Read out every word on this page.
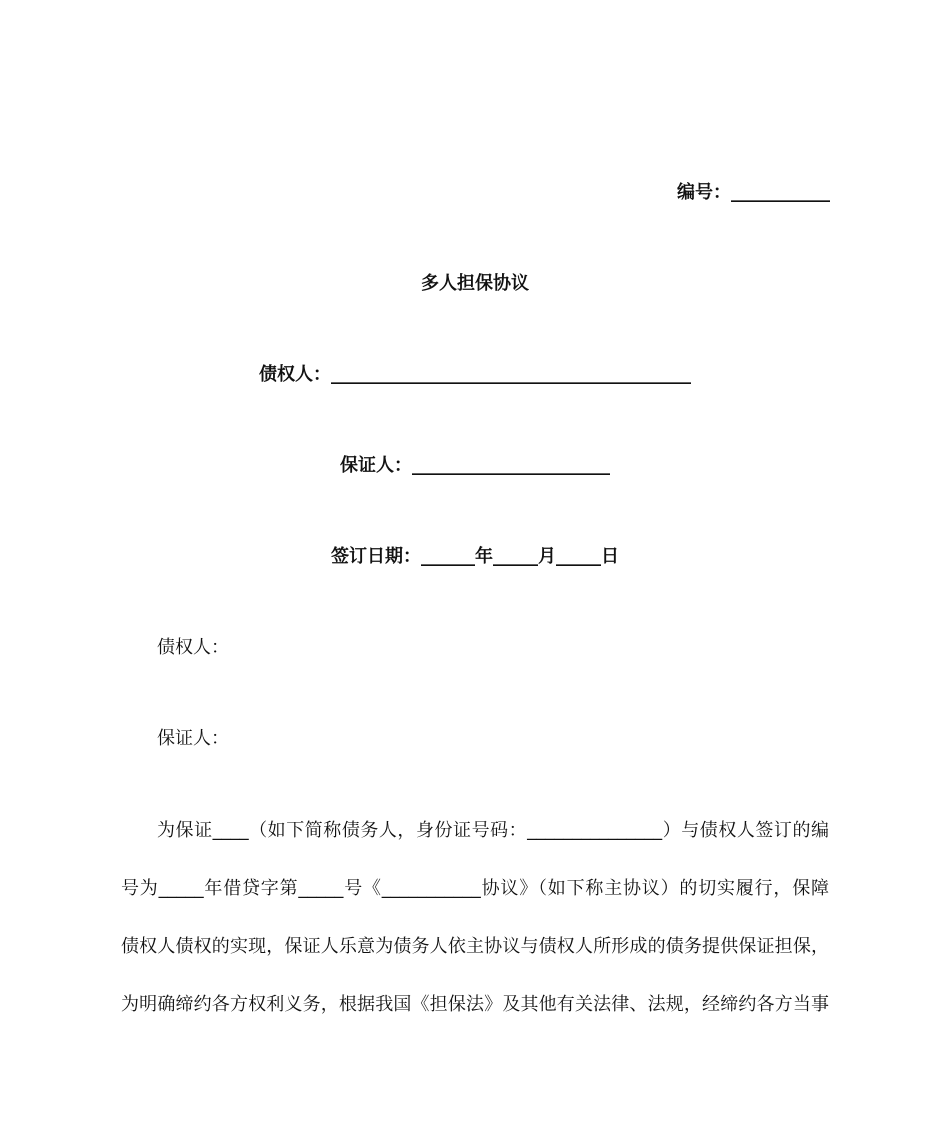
编号：___________
多人担保协议
债权人：________________________________________
保证人：______________________
签订日期：______年_____月_____日
债权人：
保证人：
为保证____（如下简称债务人，身份证号码：_______________）与债权人签订的编
号为_____年借贷字第_____号《___________协议》（如下称主协议）的切实履行，保障
债权人债权的实现，保证人乐意为债务人依主协议与债权人所形成的债务提供保证担保，
为明确缔约各方权利义务，根据我国《担保法》及其他有关法律、法规，经缔约各方当事
